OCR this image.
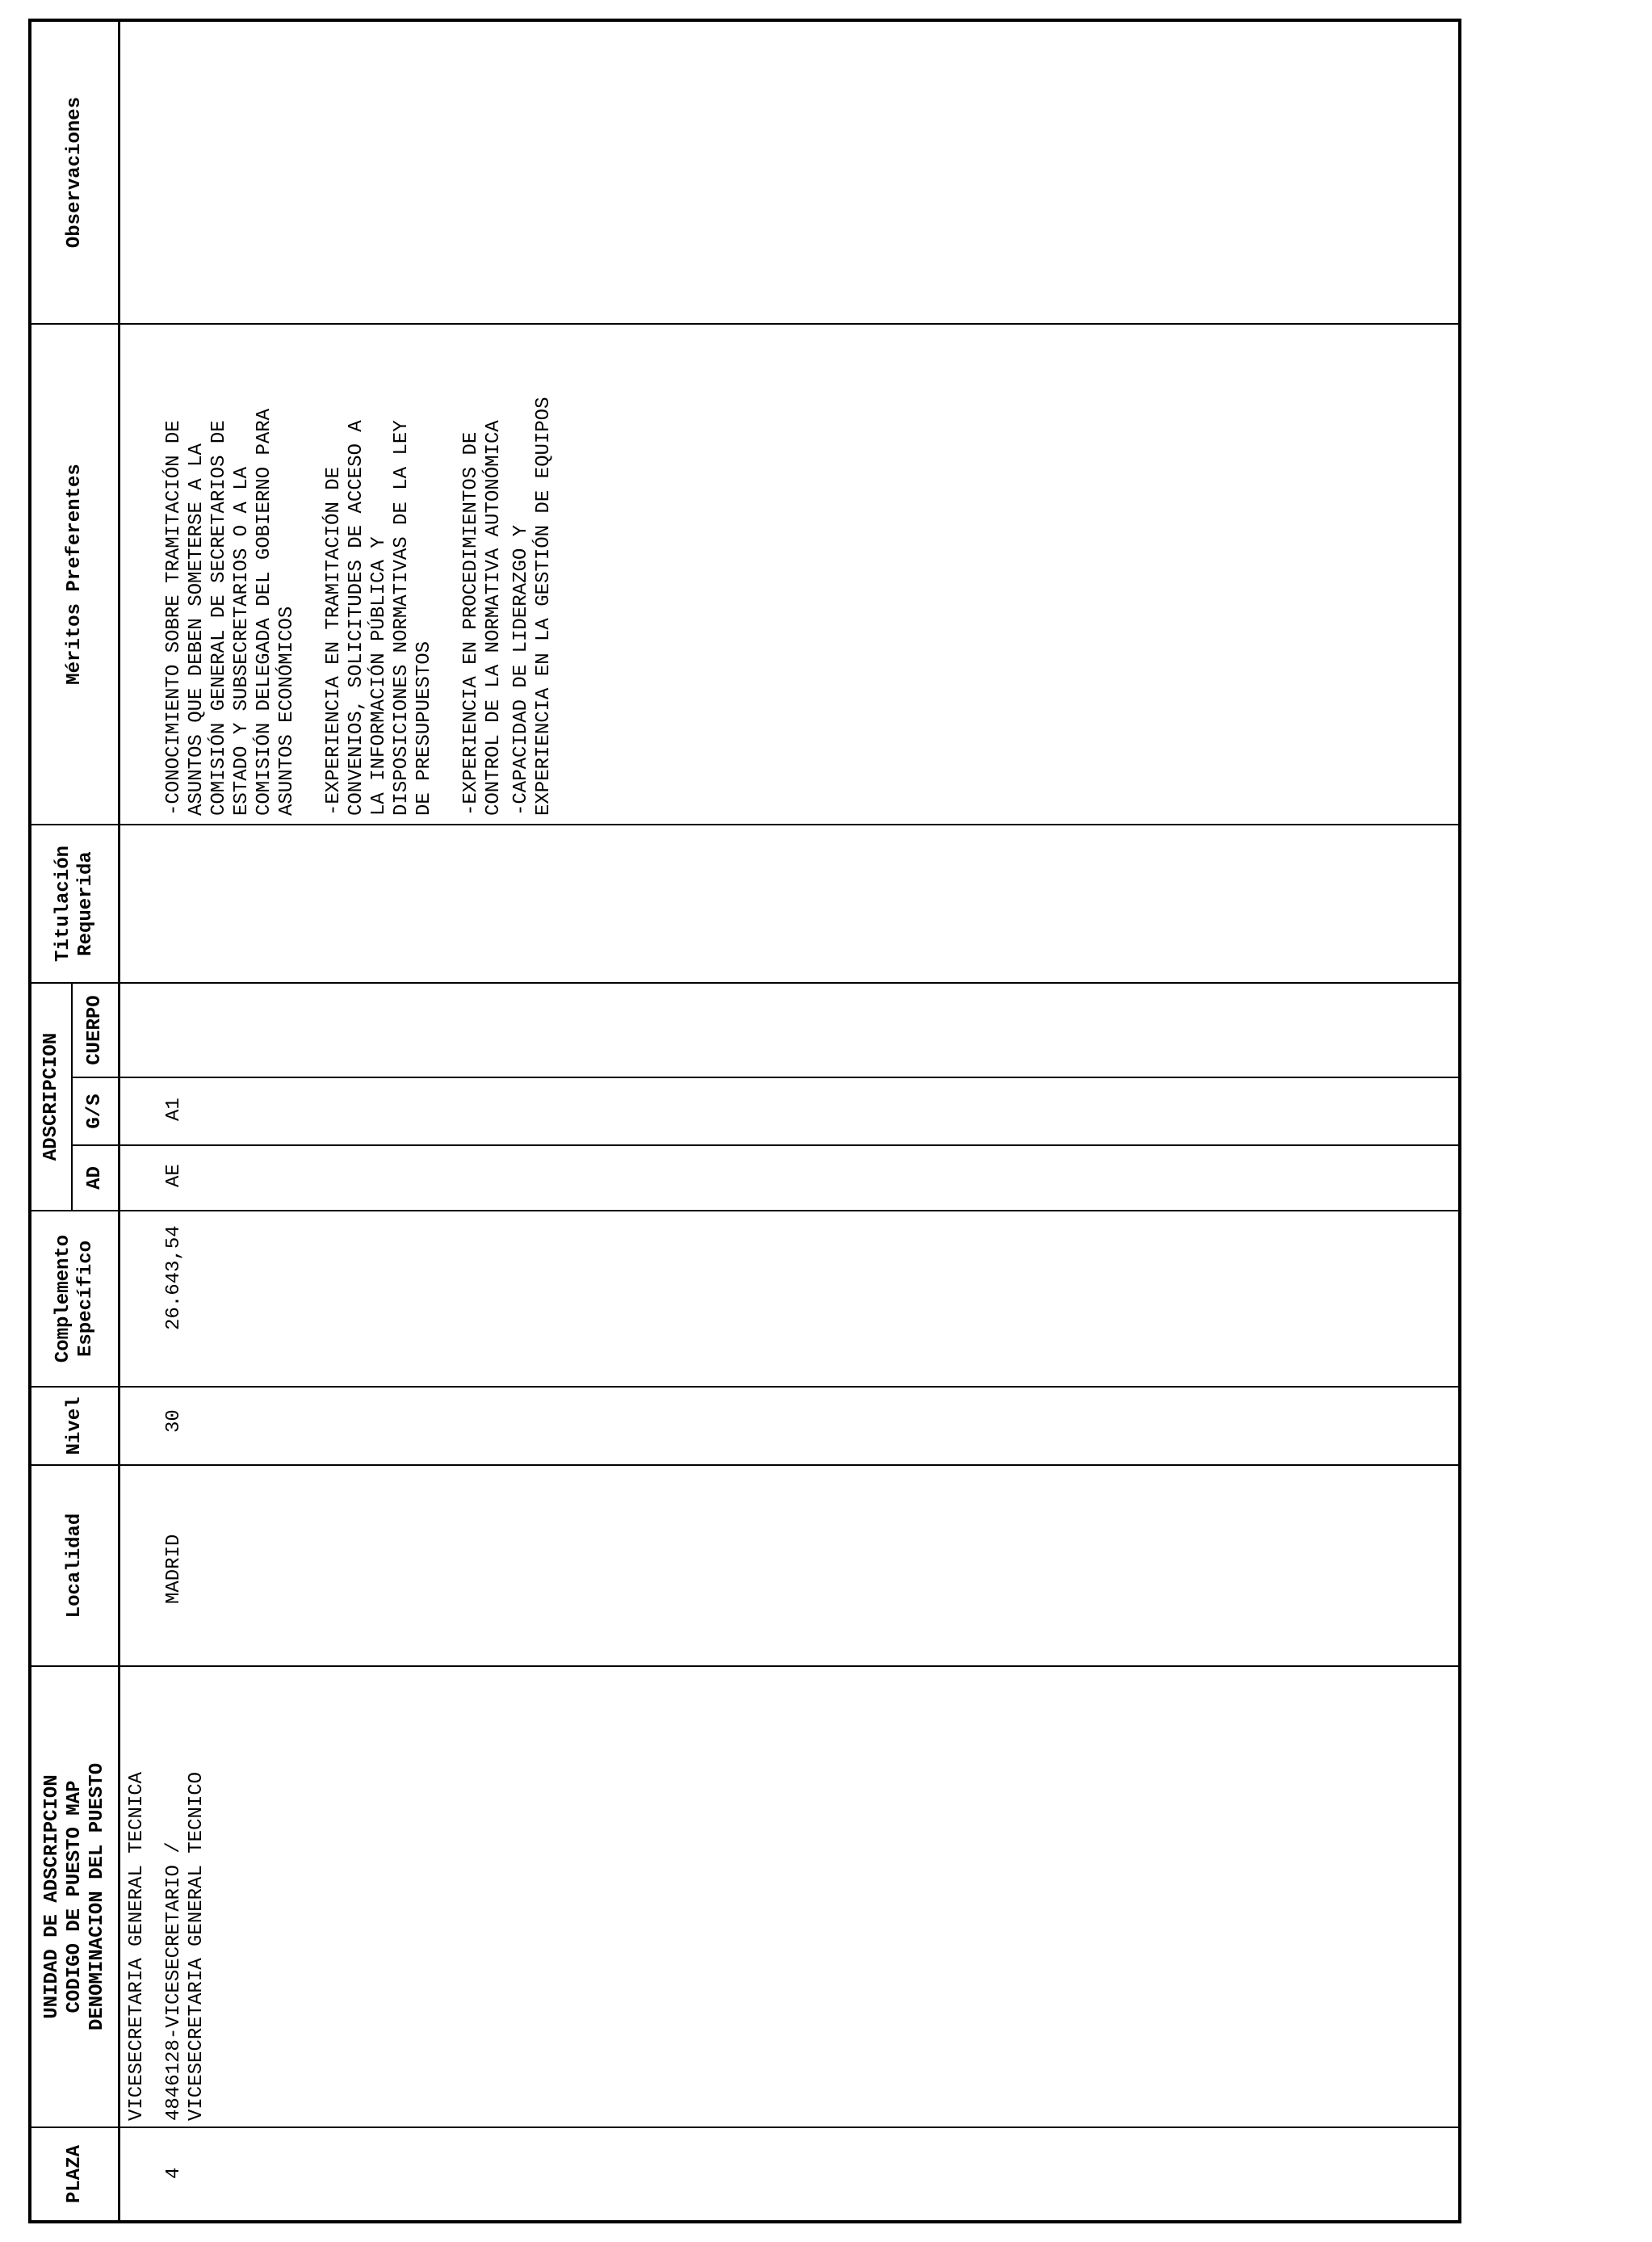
PLAZA
UNIDAD DE ADSCRIPCION
CODIGO DE PUESTO MAP
DENOMINACION DEL PUESTO
Localidad
Nivel
Complemento
Específico
ADSCRIPCION
AD
G/S
CUERPO
Titulación
Requerida
Méritos Preferentes
Observaciones
VICESECRETARIA GENERAL TECNICA
4
4846128-VICESECRETARIO /
VICESECRETARIA GENERAL TECNICO
MADRID
30
26.643,54
AE
A1
-CONOCIMIENTO SOBRE TRAMITACIÓN DE
ASUNTOS QUE DEBEN SOMETERSE A LA
COMISIÓN GENERAL DE SECRETARIOS DE
ESTADO Y SUBSECRETARIOS O A LA
COMISIÓN DELEGADA DEL GOBIERNO PARA
ASUNTOS ECONÓMICOS
-EXPERIENCIA EN TRAMITACIÓN DE
CONVENIOS, SOLICITUDES DE ACCESO A
LA INFORMACIÓN PÚBLICA Y
DISPOSICIONES NORMATIVAS DE LA LEY
DE PRESUPUESTOS -EXPERIENCIA EN PROCEDIMIENTOS DE
CONTROL DE LA NORMATIVA AUTONÓMICA
-CAPACIDAD DE LIDERAZGO Y
EXPERIENCIA EN LA GESTIÓN DE EQUIPOS
